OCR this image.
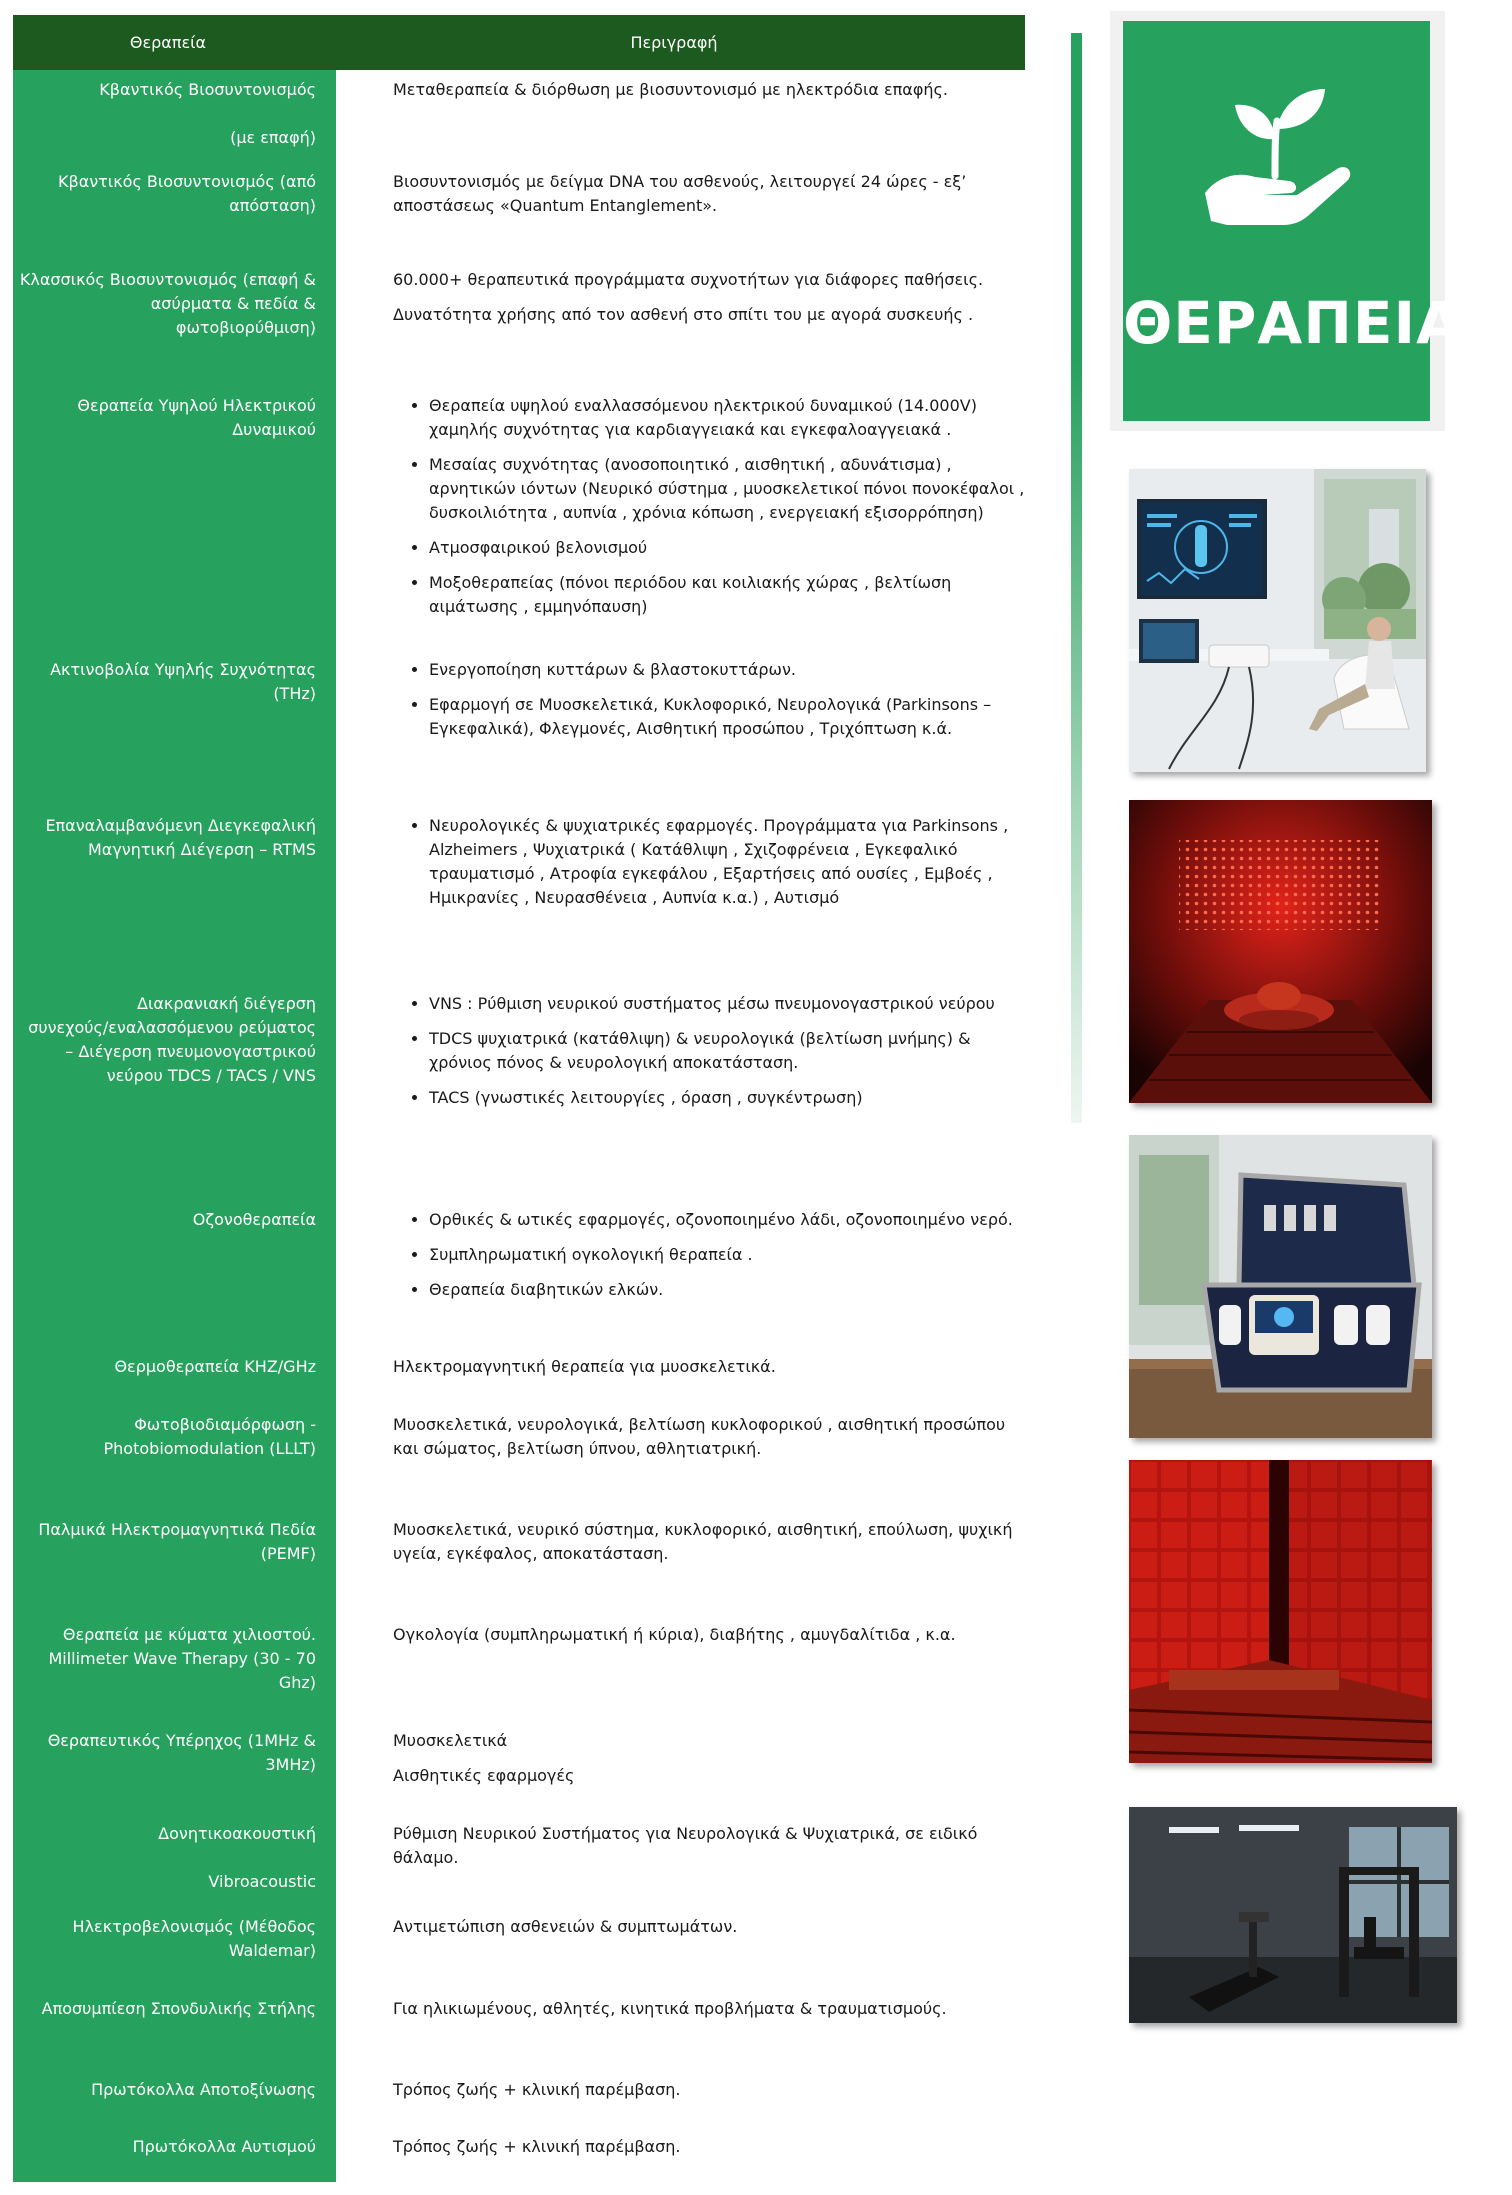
Θεραπεία	Περιγραφή
Κβαντικός Βιοσυντονισμός

(με επαφή)
Μεταθεραπεία & διόρθωση με βιοσυντονισμό με ηλεκτρόδια επαφής.
Κβαντικός Βιοσυντονισμός (από
απόσταση)
Βιοσυντονισμός με δείγμα DNA του ασθενούς, λειτουργεί 24 ώρες - εξ’ αποστάσεως «Quantum Entanglement».
Κλασσικός Βιοσυντονισμός (επαφή &
ασύρματα & πεδία &
φωτοβιορύθμιση)
60.000+ θεραπευτικά προγράμματα συχνοτήτων για διάφορες παθήσεις.
Δυνατότητα χρήσης από τον ασθενή στο σπίτι του με αγορά συσκευής .
Θεραπεία Υψηλού Ηλεκτρικού
Δυναμικού
• Θεραπεία υψηλού εναλλασσόμενου ηλεκτρικού δυναμικού (14.000V) χαμηλής συχνότητας για καρδιαγγειακά και εγκεφαλοαγγειακά .
• Μεσαίας συχνότητας (ανοσοποιητικό , αισθητική , αδυνάτισμα) , αρνητικών ιόντων (Νευρικό σύστημα , μυοσκελετικοί πόνοι πονοκέφαλοι , δυσκοιλιότητα , αυπνία , χρόνια κόπωση , ενεργειακή εξισορρόπηση)
• Ατμοσφαιρικού βελονισμού
• Μοξοθεραπείας (πόνοι περιόδου και κοιλιακής χώρας , βελτίωση αιμάτωσης , εμμηνόπαυση)
Ακτινοβολία Υψηλής Συχνότητας (THz)
• Ενεργοποίηση κυττάρων & βλαστοκυττάρων.
• Εφαρμογή σε Μυοσκελετικά, Κυκλοφορικό, Νευρολογικά (Parkinsons – Εγκεφαλικά), Φλεγμονές, Αισθητική προσώπου , Τριχόπτωση κ.ά.
Επαναλαμβανόμενη Διεγκεφαλική
Μαγνητική Διέγερση – RTMS
• Νευρολογικές & ψυχιατρικές εφαρμογές. Προγράμματα για Parkinsons , Alzheimers , Ψυχιατρικά ( Κατάθλιψη , Σχιζοφρένεια , Εγκεφαλικό τραυματισμό , Ατροφία εγκεφάλου , Εξαρτήσεις από ουσίες , Εμβοές , Ημικρανίες , Νευρασθένεια , Αυπνία κ.α.) , Αυτισμό
Διακρανιακή διέγερση
συνεχούς/εναλασσόμενου ρεύματος
– Διέγερση πνευμονογαστρικού
νεύρου TDCS / TACS / VNS
• VNS : Ρύθμιση νευρικού συστήματος μέσω πνευμονογαστρικού νεύρου
• TDCS ψυχιατρικά (κατάθλιψη) & νευρολογικά (βελτίωση μνήμης) & χρόνιος πόνος & νευρολογική αποκατάσταση.
• TACS (γνωστικές λειτουργίες , όραση , συγκέντρωση)
Οζονοθεραπεία
•	Ορθικές & ωτικές εφαρμογές, οζονοποιημένο λάδι, οζονοποιημένο νερό.
• Συμπληρωματική ογκολογική θεραπεία .
• Θεραπεία διαβητικών ελκών.
Θερμοθεραπεία KHZ/GHz	Ηλεκτρομαγνητική θεραπεία για μυοσκελετικά.
Φωτοβιοδιαμόρφωση -
Photobiomodulation (LLLT)
Μυοσκελετικά, νευρολογικά, βελτίωση κυκλοφορικού , αισθητική προσώπου και σώματος, βελτίωση ύπνου, αθλητιατρική.
Παλμικά Ηλεκτρομαγνητικά Πεδία
(PEMF)
Μυοσκελετικά, νευρικό σύστημα, κυκλοφορικό, αισθητική, επούλωση, ψυχική υγεία, εγκέφαλος, αποκατάσταση.
Θεραπεία με κύματα χιλιοστού.
Millimeter Wave Therapy (30 - 70 Ghz)
Ογκολογία (συμπληρωματική ή κύρια), διαβήτης , αμυγδαλίτιδα , κ.α.
Θεραπευτικός Υπέρηχος (1MHz &
3MHz)
Μυοσκελετικά
Αισθητικές εφαρμογές
Δονητικοακουστική

Vibroacoustic
Ρύθμιση Νευρικού Συστήματος για Νευρολογικά & Ψυχιατρικά, σε ειδικό θάλαμο.
Ηλεκτροβελονισμός (Μέθοδος
Waldemar)
Αντιμετώπιση ασθενειών & συμπτωμάτων.
Αποσυμπίεση Σπονδυλικής Στήλης	Για ηλικιωμένους, αθλητές, κινητικά προβλήματα & τραυματισμούς.
Πρωτόκολλα Αποτοξίνωσης	Τρόπος ζωής + κλινική παρέμβαση.
Πρωτόκολλα Αυτισμού	Τρόπος ζωής + κλινική παρέμβαση.
ΘΕΡΑΠΕΙΑ
